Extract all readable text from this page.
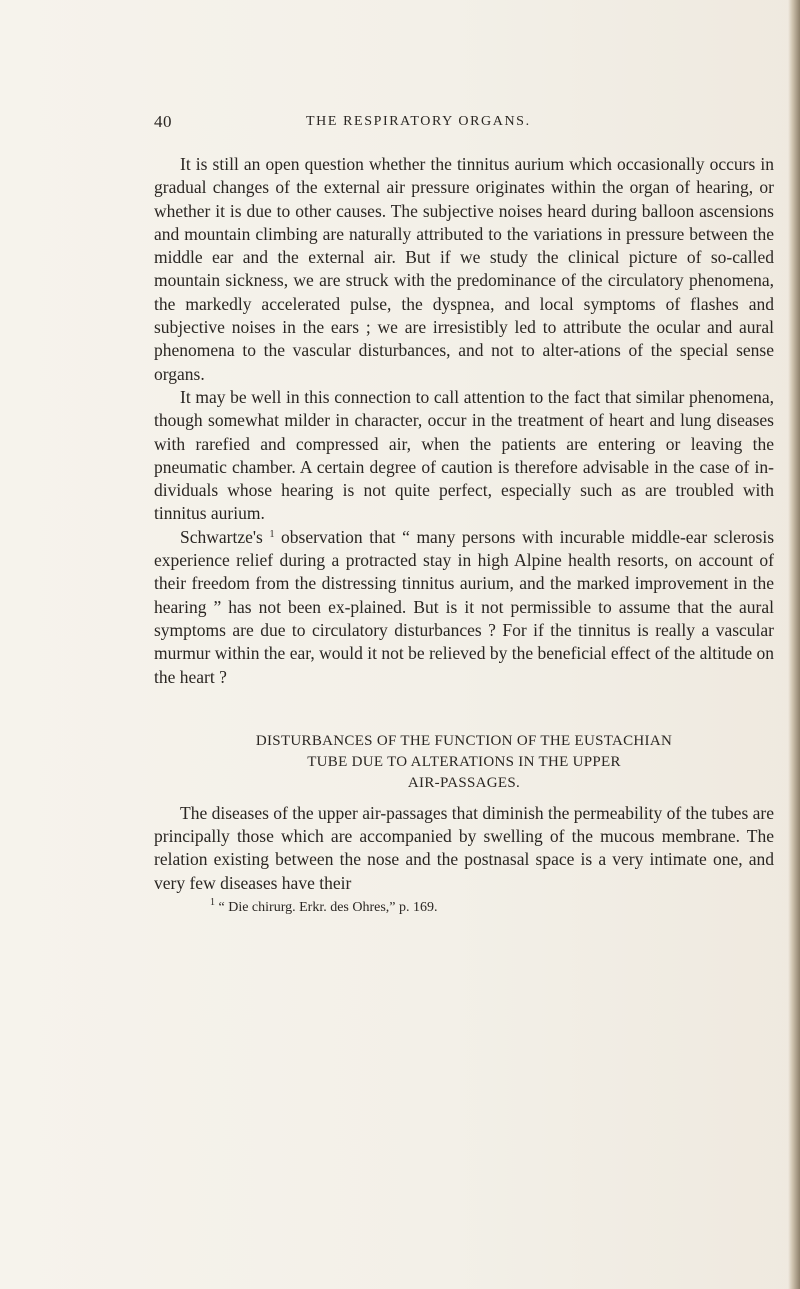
40	THE RESPIRATORY ORGANS.

It is still an open question whether the tinnitus aurium which occasionally occurs in gradual changes of the external air pressure originates within the organ of hearing, or whether it is due to other causes. The subjective noises heard during balloon ascensions and mountain climbing are naturally attributed to the variations in pressure between the middle ear and the external air. But if we study the clinical picture of so-called mountain sickness, we are struck with the predominance of the circulatory phenomena, the markedly accelerated pulse, the dyspnea, and local symptoms of flashes and subjective noises in the ears ; we are irresistibly led to attribute the ocular and aural phenomena to the vascular disturbances, and not to alter-ations of the special sense organs.

It may be well in this connection to call attention to the fact that similar phenomena, though somewhat milder in character, occur in the treatment of heart and lung diseases with rarefied and compressed air, when the patients are entering or leaving the pneumatic chamber. A certain degree of caution is therefore advisable in the case of in-dividuals whose hearing is not quite perfect, especially such as are troubled with tinnitus aurium.

Schwartze's $^1$ observation that “ many persons with incurable middle-ear sclerosis experience relief during a protracted stay in high Alpine health resorts, on account of their freedom from the distressing tinnitus aurium, and the marked improvement in the hearing ” has not been ex-plained. But is it not permissible to assume that the aural symptoms are due to circulatory disturbances ? For if the tinnitus is really a vascular murmur within the ear, would it not be relieved by the beneficial effect of the altitude on the heart ?

DISTURBANCES OF THE FUNCTION OF THE EUSTACHIAN
TUBE DUE TO ALTERATIONS IN THE UPPER
AIR-PASSAGES.

The diseases of the upper air-passages that diminish the permeability of the tubes are principally those which are accompanied by swelling of the mucous membrane. The relation existing between the nose and the postnasal space is a very intimate one, and very few diseases have their

$^1$ “ Die chirurg. Erkr. des Ohres,” p. 169.
